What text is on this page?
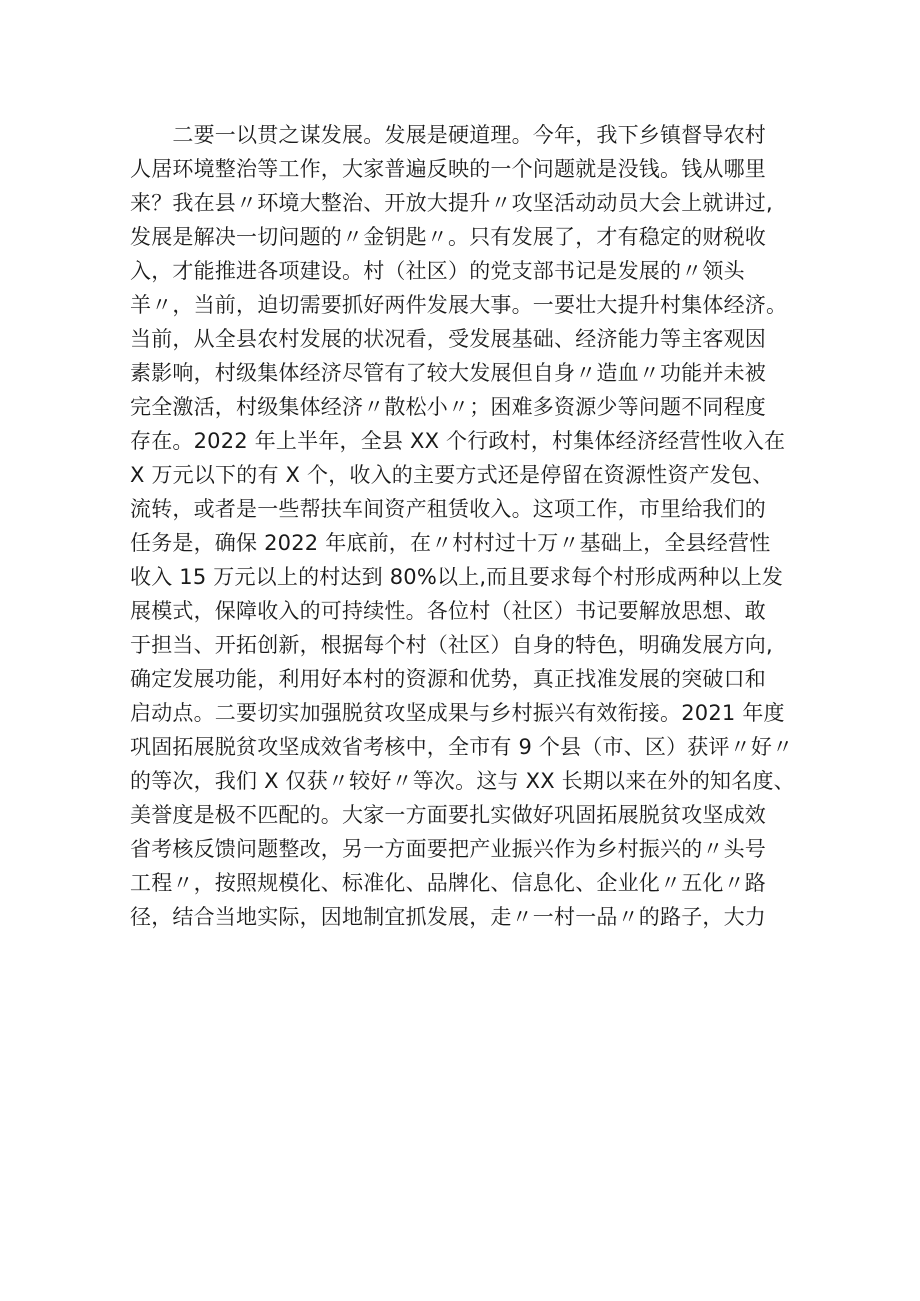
　　二要一以贯之谋发展。发展是硬道理。今年，我下乡镇督导农村
人居环境整治等工作，大家普遍反映的一个问题就是没钱。钱从哪里
来？我在县〃环境大整治、开放大提升〃攻坚活动动员大会上就讲过,
发展是解决一切问题的〃金钥匙〃。只有发展了，才有稳定的财税收
入，才能推进各项建设。村（社区）的党支部书记是发展的〃领头
羊〃，当前，迫切需要抓好两件发展大事。一要壮大提升村集体经济。
当前，从全县农村发展的状况看，受发展基础、经济能力等主客观因
素影响，村级集体经济尽管有了较大发展但自身〃造血〃功能并未被
完全激活，村级集体经济〃散松小〃；困难多资源少等问题不同程度
存在。2022 年上半年，全县 XX 个行政村，村集体经济经营性收入在
X 万元以下的有 X 个，收入的主要方式还是停留在资源性资产发包、
流转，或者是一些帮扶车间资产租赁收入。这项工作，市里给我们的
任务是，确保 2022 年底前，在〃村村过十万〃基础上，全县经营性
收入 15 万元以上的村达到 80%以上,而且要求每个村形成两种以上发
展模式，保障收入的可持续性。各位村（社区）书记要解放思想、敢
于担当、开拓创新，根据每个村（社区）自身的特色，明确发展方向,
确定发展功能，利用好本村的资源和优势，真正找准发展的突破口和
启动点。二要切实加强脱贫攻坚成果与乡村振兴有效衔接。2021 年度
巩固拓展脱贫攻坚成效省考核中，全市有 9 个县（市、区）获评〃好〃
的等次，我们 X 仅获〃较好〃等次。这与 XX 长期以来在外的知名度、
美誉度是极不匹配的。大家一方面要扎实做好巩固拓展脱贫攻坚成效
省考核反馈问题整改，另一方面要把产业振兴作为乡村振兴的〃头号
工程〃，按照规模化、标准化、品牌化、信息化、企业化〃五化〃路
径，结合当地实际，因地制宜抓发展，走〃一村一品〃的路子，大力
